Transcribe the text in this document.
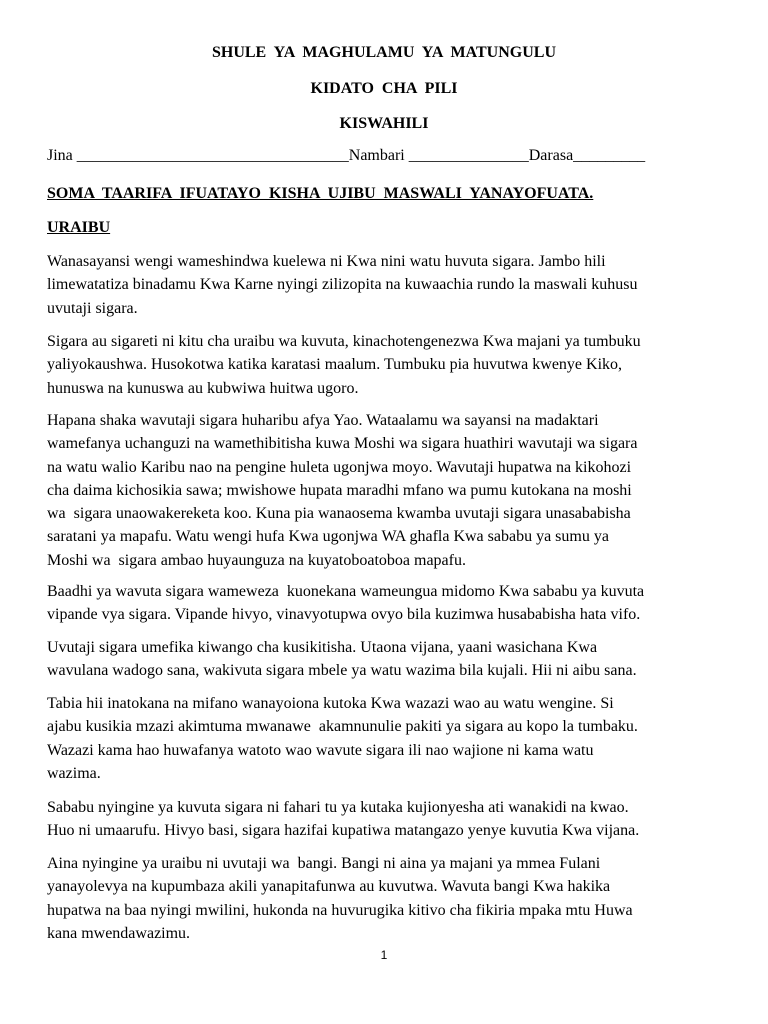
SHULE  YA  MAGHULAMU  YA  MATUNGULU
KIDATO  CHA  PILI
KISWAHILI
Jina __________________________________Nambari _______________Darasa_________
SOMA  TAARIFA  IFUATAYO  KISHA  UJIBU  MASWALI  YANAYOFUATA.
URAIBU
Wanasayansi wengi wameshindwa kuelewa ni Kwa nini watu huvuta sigara. Jambo hili
limewatatiza binadamu Kwa Karne nyingi zilizopita na kuwaachia rundo la maswali kuhusu
uvutaji sigara.
Sigara au sigareti ni kitu cha uraibu wa kuvuta, kinachotengenezwa Kwa majani ya tumbuku
yaliyokaushwa. Husokotwa katika karatasi maalum. Tumbuku pia huvutwa kwenye Kiko,
hunuswa na kunuswa au kubwiwa huitwa ugoro.
Hapana shaka wavutaji sigara huharibu afya Yao. Wataalamu wa sayansi na madaktari
wamefanya uchanguzi na wamethibitisha kuwa Moshi wa sigara huathiri wavutaji wa sigara
na watu walio Karibu nao na pengine huleta ugonjwa moyo. Wavutaji hupatwa na kikohozi
cha daima kichosikia sawa; mwishowe hupata maradhi mfano wa pumu kutokana na moshi
wa  sigara unaowakereketa koo. Kuna pia wanaosema kwamba uvutaji sigara unasababisha
saratani ya mapafu. Watu wengi hufa Kwa ugonjwa WA ghafla Kwa sababu ya sumu ya
Moshi wa  sigara ambao huyaunguza na kuyatoboatoboa mapafu.
Baadhi ya wavuta sigara wameweza  kuonekana wameungua midomo Kwa sababu ya kuvuta
vipande vya sigara. Vipande hivyo, vinavyotupwa ovyo bila kuzimwa husababisha hata vifo.
Uvutaji sigara umefika kiwango cha kusikitisha. Utaona vijana, yaani wasichana Kwa
wavulana wadogo sana, wakivuta sigara mbele ya watu wazima bila kujali. Hii ni aibu sana.
Tabia hii inatokana na mifano wanayoiona kutoka Kwa wazazi wao au watu wengine. Si
ajabu kusikia mzazi akimtuma mwanawe  akamnunulie pakiti ya sigara au kopo la tumbaku.
Wazazi kama hao huwafanya watoto wao wavute sigara ili nao wajione ni kama watu
wazima.
Sababu nyingine ya kuvuta sigara ni fahari tu ya kutaka kujionyesha ati wanakidi na kwao.
Huo ni umaarufu. Hivyo basi, sigara hazifai kupatiwa matangazo yenye kuvutia Kwa vijana.
Aina nyingine ya uraibu ni uvutaji wa  bangi. Bangi ni aina ya majani ya mmea Fulani
yanayolevya na kupumbaza akili yanapitafunwa au kuvutwa. Wavuta bangi Kwa hakika
hupatwa na baa nyingi mwilini, hukonda na huvurugika kitivo cha fikiria mpaka mtu Huwa
kana mwendawazimu.
1
